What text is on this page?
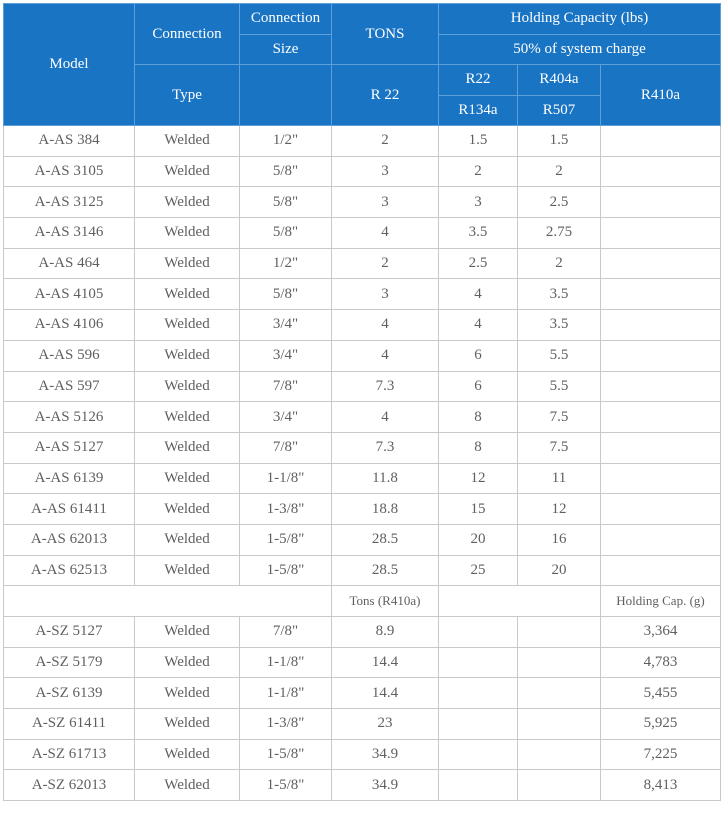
Model	Connection	Connection	TONS	Holding Capacity (lbs)		
		Size		50% of system charge		
	Type		R 22	R22	R404a	R410a
				R134a	R507	
A-AS 384	Welded	1/2"	2	1.5	1.5	
A-AS 3105	Welded	5/8"	3	2	2	
A-AS 3125	Welded	5/8"	3	3	2.5	
A-AS 3146	Welded	5/8"	4	3.5	2.75	
A-AS 464	Welded	1/2"	2	2.5	2	
A-AS 4105	Welded	5/8"	3	4	3.5	
A-AS 4106	Welded	3/4"	4	4	3.5	
A-AS 596	Welded	3/4"	4	6	5.5	
A-AS 597	Welded	7/8"	7.3	6	5.5	
A-AS 5126	Welded	3/4"	4	8	7.5	
A-AS 5127	Welded	7/8"	7.3	8	7.5	
A-AS 6139	Welded	1-1/8"	11.8	12	11	
A-AS 61411	Welded	1-3/8"	18.8	15	12	
A-AS 62013	Welded	1-5/8"	28.5	20	16	
A-AS 62513	Welded	1-5/8"	28.5	25	20	
			Tons (R410a)			Holding Cap. (g)
A-SZ 5127	Welded	7/8"	8.9			3,364
A-SZ 5179	Welded	1-1/8"	14.4			4,783
A-SZ 6139	Welded	1-1/8"	14.4			5,455
A-SZ 61411	Welded	1-3/8"	23			5,925
A-SZ 61713	Welded	1-5/8"	34.9			7,225
A-SZ 62013	Welded	1-5/8"	34.9			8,413
